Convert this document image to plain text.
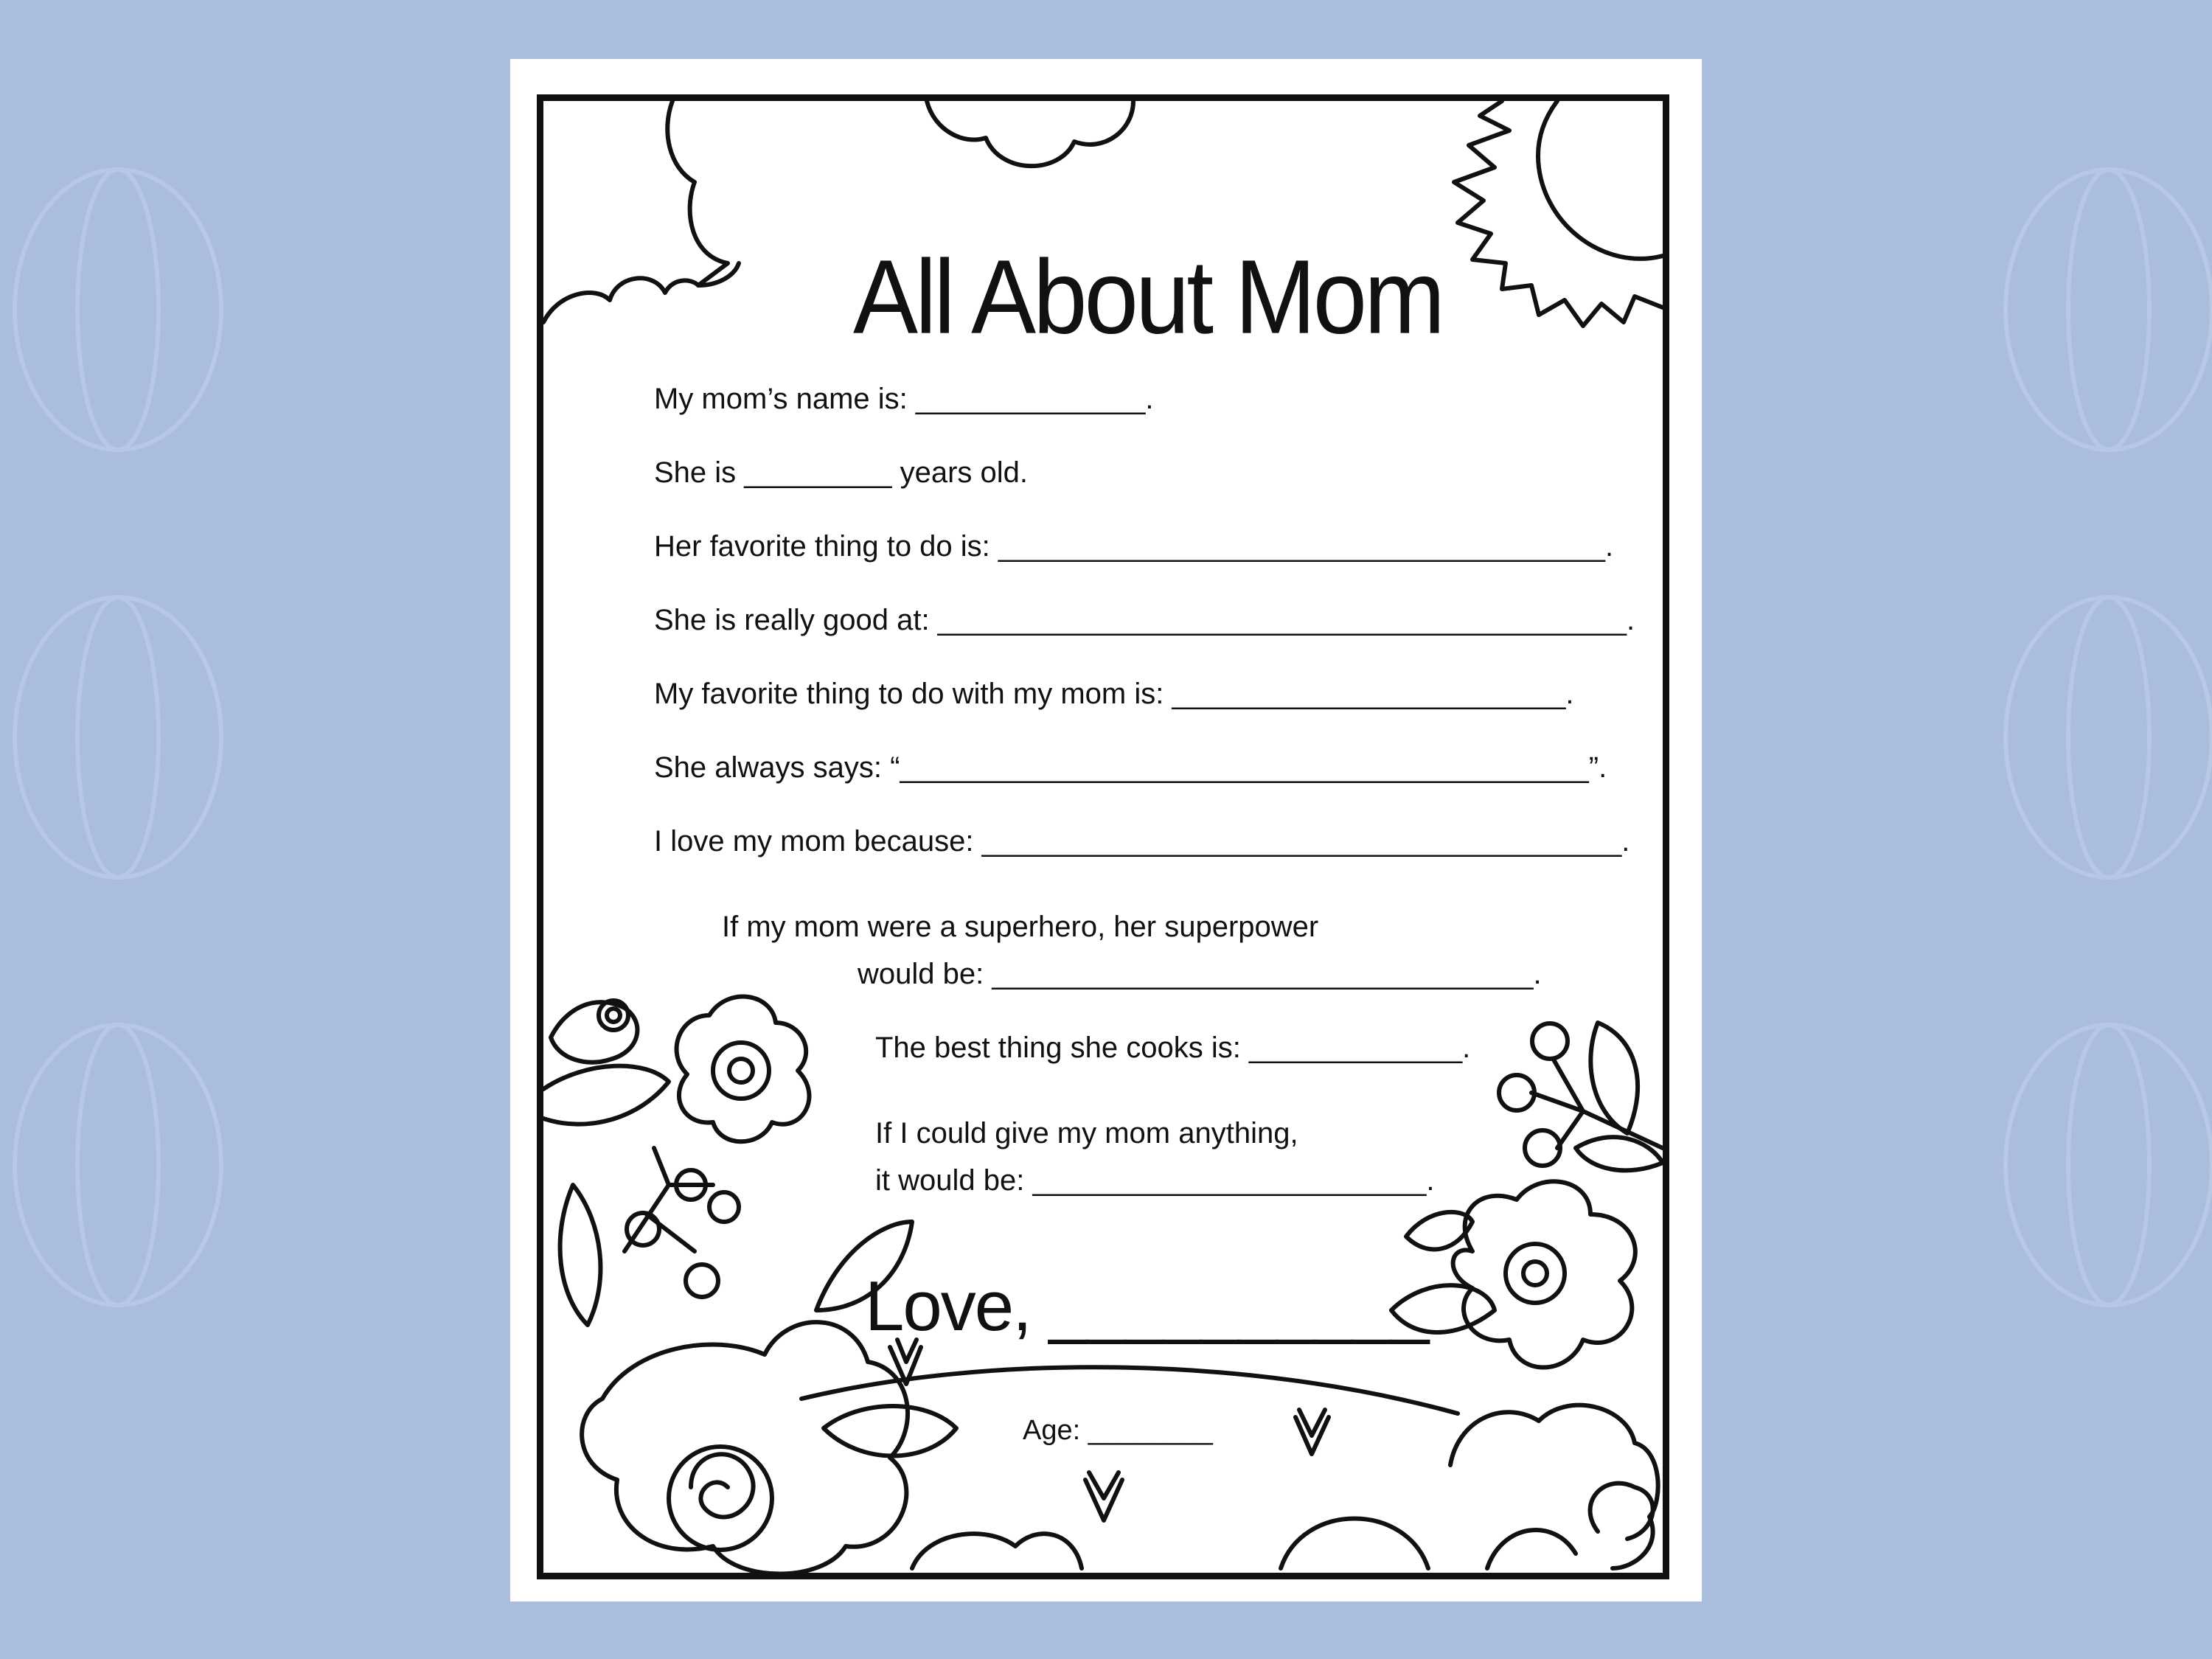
All About Mom
My mom’s name is: ______________.
She is _________ years old.
Her favorite thing to do is: _____________________________________.
She is really good at: __________________________________________.
My favorite thing to do with my mom is: ________________________.
She always says: “__________________________________________”.
I love my mom because: _______________________________________.
If my mom were a superhero, her superpower
would be: _________________________________.
The best thing she cooks is: _____________.
If I could give my mom anything,
it would be: ________________________.
Love, __________
Age: ________
